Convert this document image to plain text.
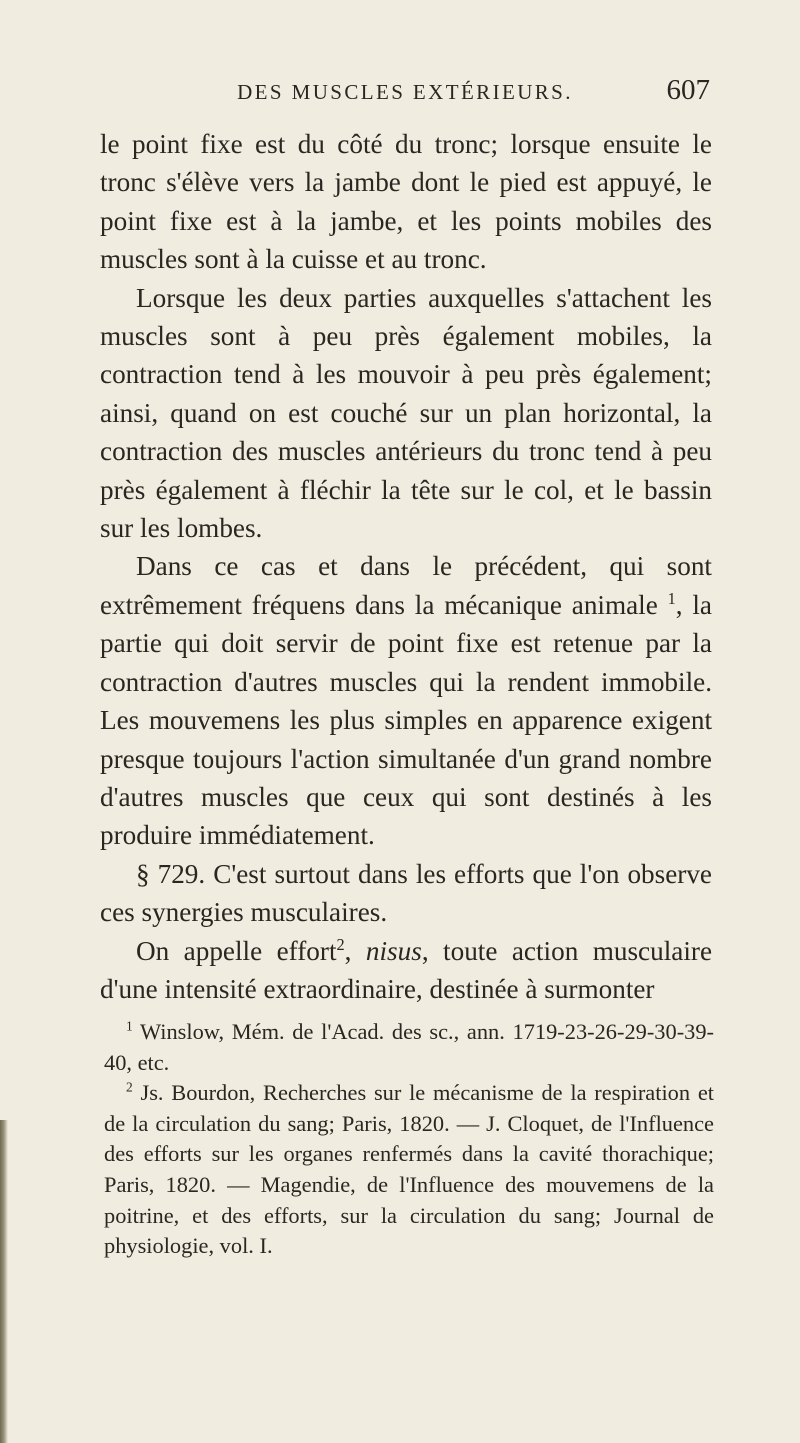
DES MUSCLES EXTÉRIEURS.	607

le point fixe est du côté du tronc; lorsque ensuite le tronc s'élève vers la jambe dont le pied est appuyé, le point fixe est à la jambe, et les points mobiles des muscles sont à la cuisse et au tronc.

Lorsque les deux parties auxquelles s'attachent les muscles sont à peu près également mobiles, la contraction tend à les mouvoir à peu près également; ainsi, quand on est couché sur un plan horizontal, la contraction des muscles antérieurs du tronc tend à peu près également à fléchir la tête sur le col, et le bassin sur les lombes.

Dans ce cas et dans le précédent, qui sont extrêmement fréquens dans la mécanique animale $^1$, la partie qui doit servir de point fixe est retenue par la contraction d'autres muscles qui la rendent immobile. Les mouvemens les plus simples en apparence exigent presque toujours l'action simultanée d'un grand nombre d'autres muscles que ceux qui sont destinés à les produire immédiatement.

§ 729. C'est surtout dans les efforts que l'on observe ces synergies musculaires.

On appelle effort$^2$, nisus, toute action musculaire d'une intensité extraordinaire, destinée à surmonter

$^1$ Winslow, Mém. de l'Acad. des sc., ann. 1719-23-26-29-30-39-40, etc.

$^2$ Js. Bourdon, Recherches sur le mécanisme de la respiration et de la circulation du sang; Paris, 1820. — J. Cloquet, de l'Influence des efforts sur les organes renfermés dans la cavité thorachique; Paris, 1820. — Magendie, de l'Influence des mouvemens de la poitrine, et des efforts, sur la circulation du sang; Journal de physiologie, vol. I.
